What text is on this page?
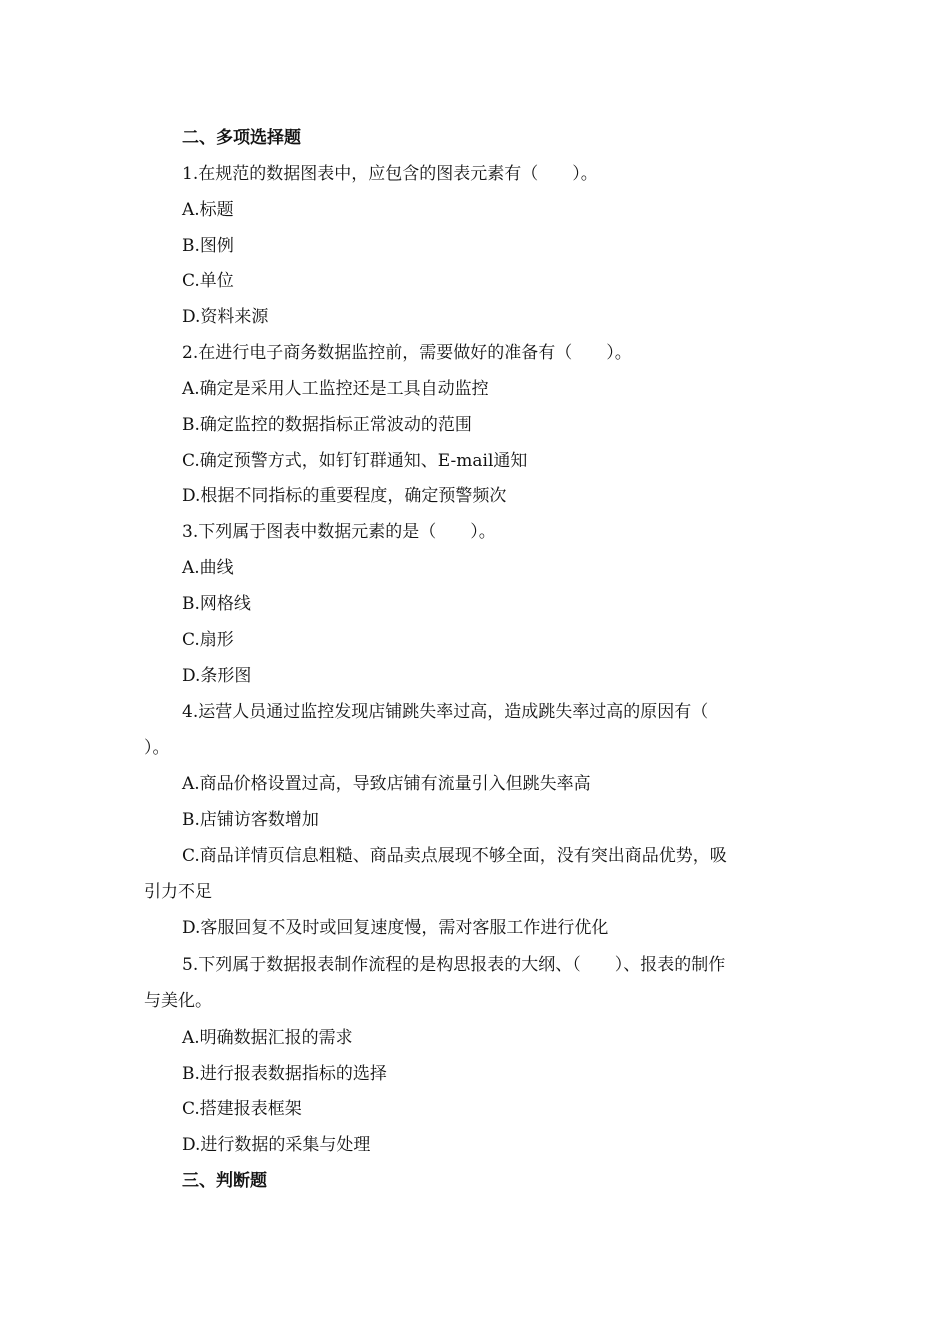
二、多项选择题
1.在规范的数据图表中，应包含的图表元素有（　　）。
A.标题
B.图例
C.单位
D.资料来源
2.在进行电子商务数据监控前，需要做好的准备有（　　）。
A.确定是采用人工监控还是工具自动监控
B.确定监控的数据指标正常波动的范围
C.确定预警方式，如钉钉群通知、E-mail通知
D.根据不同指标的重要程度，确定预警频次
3.下列属于图表中数据元素的是（　　）。
A.曲线
B.网格线
C.扇形
D.条形图
4.运营人员通过监控发现店铺跳失率过高，造成跳失率过高的原因有（
）。
A.商品价格设置过高，导致店铺有流量引入但跳失率高
B.店铺访客数增加
C.商品详情页信息粗糙、商品卖点展现不够全面，没有突出商品优势，吸
引力不足
D.客服回复不及时或回复速度慢，需对客服工作进行优化
5.下列属于数据报表制作流程的是构思报表的大纲、（　　）、报表的制作
与美化。
A.明确数据汇报的需求
B.进行报表数据指标的选择
C.搭建报表框架
D.进行数据的采集与处理
三、判断题
